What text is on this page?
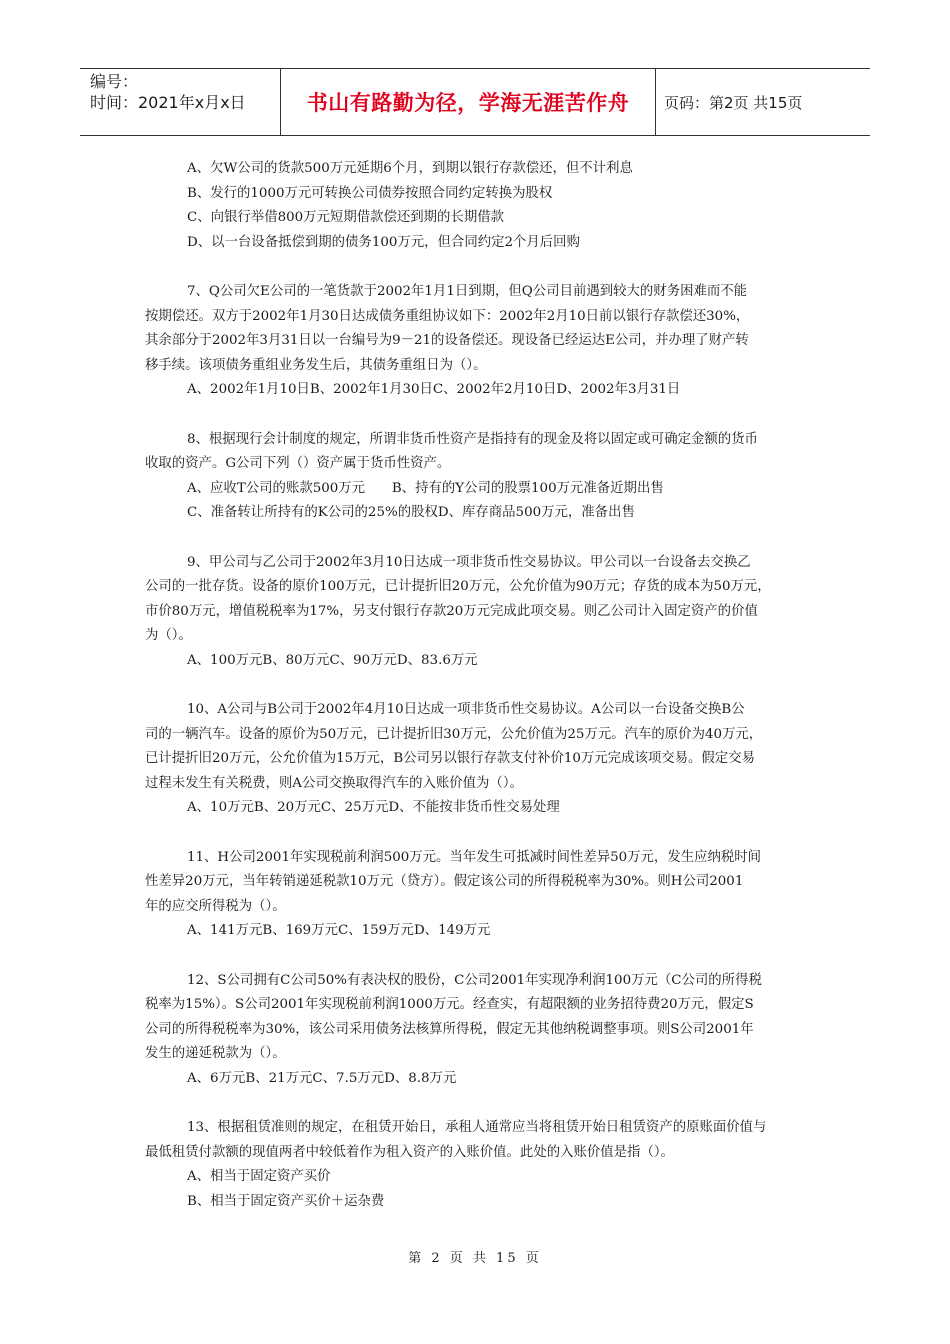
编号：
时间：2021年x月x日	书山有路勤为径，学海无涯苦作舟	页码：第2页 共15页
A、欠W公司的货款500万元延期6个月，到期以银行存款偿还，但不计利息
B、发行的1000万元可转换公司债券按照合同约定转换为股权
C、向银行举借800万元短期借款偿还到期的长期借款
D、以一台设备抵偿到期的债务100万元，但合同约定2个月后回购
7、Q公司欠E公司的一笔货款于2002年1月1日到期，但Q公司目前遇到较大的财务困难而不能
按期偿还。双方于2002年1月30日达成债务重组协议如下：2002年2月10日前以银行存款偿还30%，
其余部分于2002年3月31日以一台编号为9－21的设备偿还。现设备已经运达E公司，并办理了财产转
移手续。该项债务重组业务发生后，其债务重组日为（）。
A、2002年1月10日B、2002年1月30日C、2002年2月10日D、2002年3月31日
8、根据现行会计制度的规定，所谓非货币性资产是指持有的现金及将以固定或可确定金额的货币
收取的资产。G公司下列（）资产属于货币性资产。
A、应收T公司的账款500万元　　B、持有的Y公司的股票100万元准备近期出售
C、准备转让所持有的K公司的25%的股权D、库存商品500万元，准备出售
9、甲公司与乙公司于2002年3月10日达成一项非货币性交易协议。甲公司以一台设备去交换乙
公司的一批存货。设备的原价100万元，已计提折旧20万元，公允价值为90万元；存货的成本为50万元，
市价80万元，增值税税率为17%，另支付银行存款20万元完成此项交易。则乙公司计入固定资产的价值
为（）。
A、100万元B、80万元C、90万元D、83.6万元
10、A公司与B公司于2002年4月10日达成一项非货币性交易协议。A公司以一台设备交换B公
司的一辆汽车。设备的原价为50万元，已计提折旧30万元，公允价值为25万元。汽车的原价为40万元，
已计提折旧20万元，公允价值为15万元，B公司另以银行存款支付补价10万元完成该项交易。假定交易
过程未发生有关税费，则A公司交换取得汽车的入账价值为（）。
A、10万元B、20万元C、25万元D、不能按非货币性交易处理
11、H公司2001年实现税前利润500万元。当年发生可抵减时间性差异50万元，发生应纳税时间
性差异20万元，当年转销递延税款10万元（贷方）。假定该公司的所得税税率为30%。则H公司2001
年的应交所得税为（）。
A、141万元B、169万元C、159万元D、149万元
12、S公司拥有C公司50%有表决权的股份，C公司2001年实现净利润100万元（C公司的所得税
税率为15%）。S公司2001年实现税前利润1000万元。经查实，有超限额的业务招待费20万元，假定S
公司的所得税税率为30%，该公司采用债务法核算所得税，假定无其他纳税调整事项。则S公司2001年
发生的递延税款为（）。
A、6万元B、21万元C、7.5万元D、8.8万元
13、根据租赁准则的规定，在租赁开始日，承租人通常应当将租赁开始日租赁资产的原账面价值与
最低租赁付款额的现值两者中较低着作为租入资产的入账价值。此处的入账价值是指（）。
A、相当于固定资产买价
B、相当于固定资产买价＋运杂费
第 2 页 共 15 页
